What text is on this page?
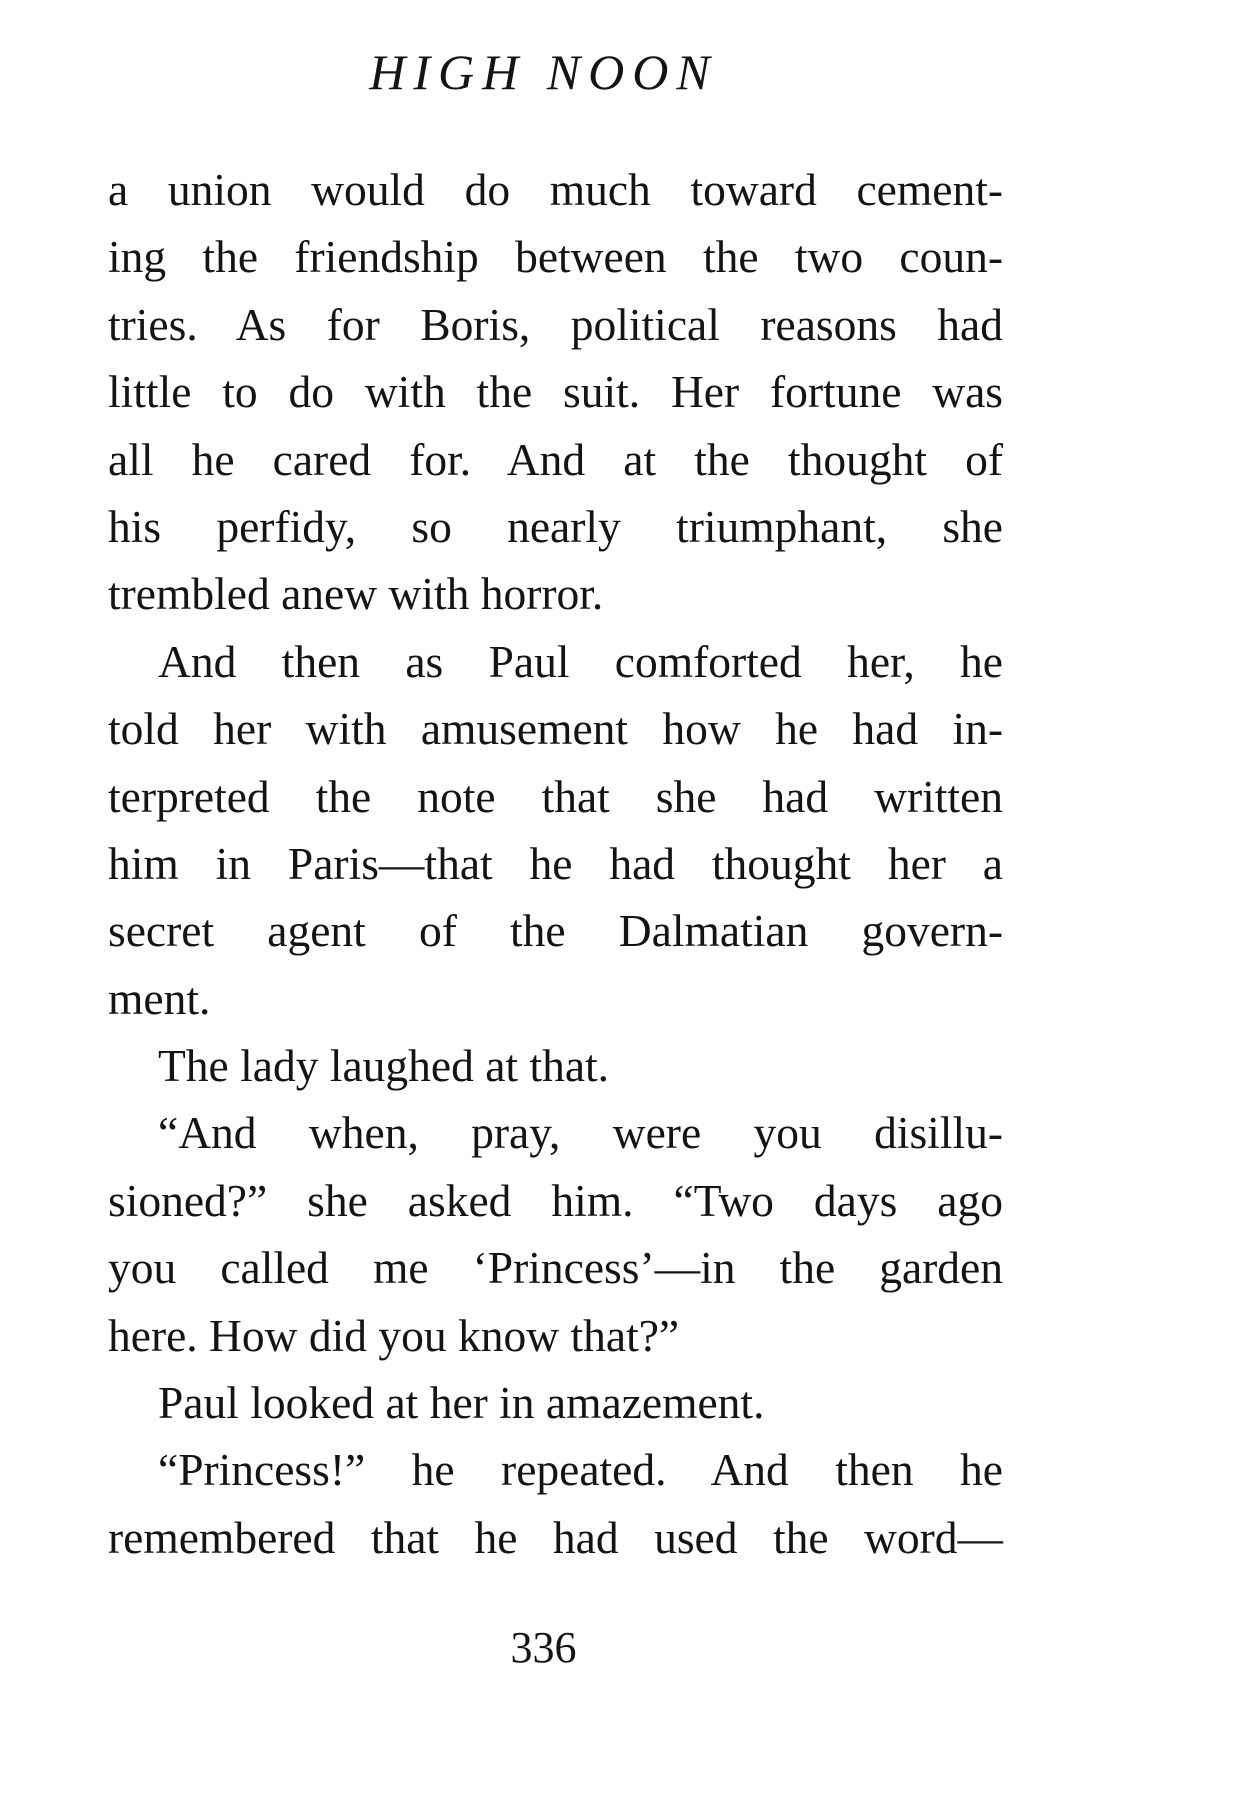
HIGH NOON
a union would do much toward cement-
ing the friendship between the two coun-
tries. As for Boris, political reasons had
little to do with the suit. Her fortune was
all he cared for. And at the thought of
his perfidy, so nearly triumphant, she
trembled anew with horror.
And then as Paul comforted her, he
told her with amusement how he had in-
terpreted the note that she had written
him in Paris—that he had thought her a
secret agent of the Dalmatian govern-
ment.
The lady laughed at that.
“And when, pray, were you disillu-
sioned?” she asked him. “Two days ago
you called me ‘Princess’—in the garden
here. How did you know that?”
Paul looked at her in amazement.
“Princess!” he repeated. And then he
remembered that he had used the word—
336
